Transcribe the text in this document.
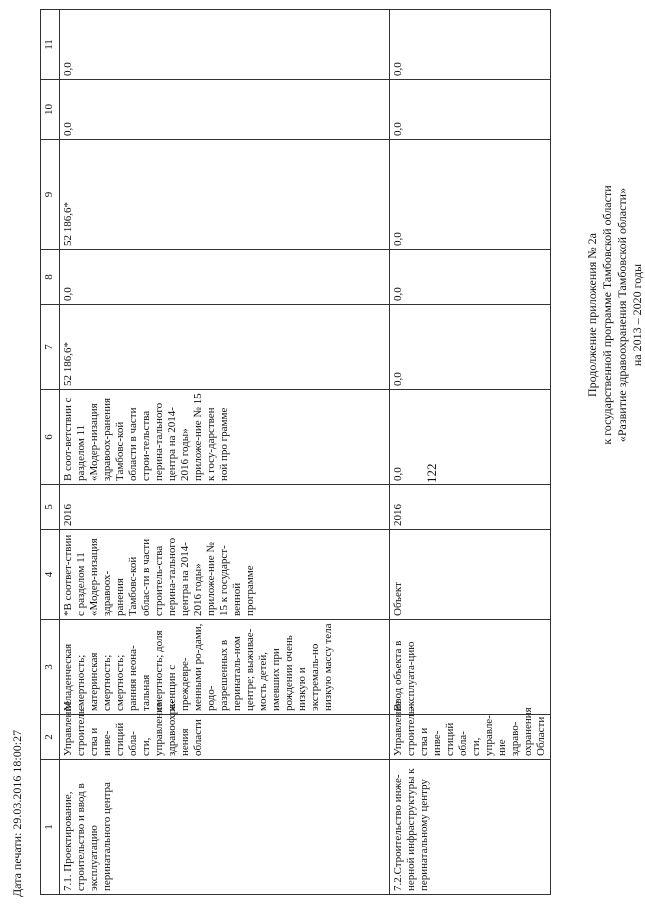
122
Продолжение приложения № 2а к государственной программе Тамбовской области «Развитие здравоохранения Тамбовской области» на 2013 – 2020 годы
1	2	3	4	5	6	7	8	9	10	11
7.1. Проектирование, строительство и ввод в эксплуатацию перинатального центра	Управление строитель-ства и инве-стиций обла-сти, управление здравоохра-нения области	Младенческая смертность; материнская смертность; смертность; ранняя неона-тальная смертность; доля женщин с преждевре-менными ро-дами, родо-разрешенных в перинаталь-ном центре; выживае-мость детей, имевших при рождении очень низкую и экстремаль-но низкую массу тела	*В соответ-ствии с разделом 11 «Модер-низация здравоох-ранения Тамбовс-кой облас-ти в части строитель-ства перина-тального центра на 2014-2016 годы» приложе-ние № 15 к государст-венной программе	2016	В соот-ветствии с разделом 11 «Модер-низация здравоох-ранения Тамбовс-кой области в части строи-тельства перина-тального центра на 2014-2016 годы» приложе-ние № 15 к госу-дарствен ной про грамме	52 186,6*	0,0	52 186,6*	0,0	0,0
7.2.Строительство инже-нерной инфраструктуры к перинатальному центру	Управление строитель-ства и инве-стиций обла-сти, управле-ние здраво-охранения Области	Ввод объекта в эксплуата-цию	Объект	2016	0,0	0,0	0,0	0,0	0,0	0,0
Дата печати: 29.03.2016 18:00:27
